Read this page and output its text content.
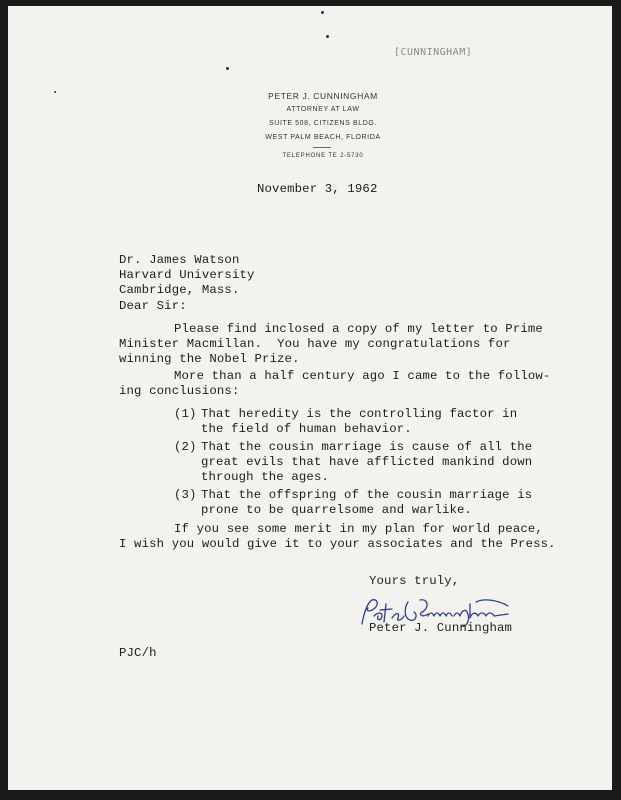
[CUNNINGHAM]
PETER J. CUNNINGHAM
ATTORNEY AT LAW
SUITE 508, CITIZENS BLDG.
WEST PALM BEACH, FLORIDA
TELEPHONE TE 2-5730
November 3, 1962
Dr. James Watson
Harvard University
Cambridge, Mass.
Dear Sir:
Please find inclosed a copy of my letter to Prime
Minister Macmillan.  You have my congratulations for
winning the Nobel Prize.

More than a half century ago I came to the follow-
ing conclusions:
(1) That heredity is the controlling factor in
the field of human behavior.
(2) That the cousin marriage is cause of all the
great evils that have afflicted mankind down
through the ages.
(3) That the offspring of the cousin marriage is
prone to be quarrelsome and warlike.
If you see some merit in my plan for world peace,
I wish you would give it to your associates and the Press.
Yours truly,
Peter J. Cunningham
PJC/h
